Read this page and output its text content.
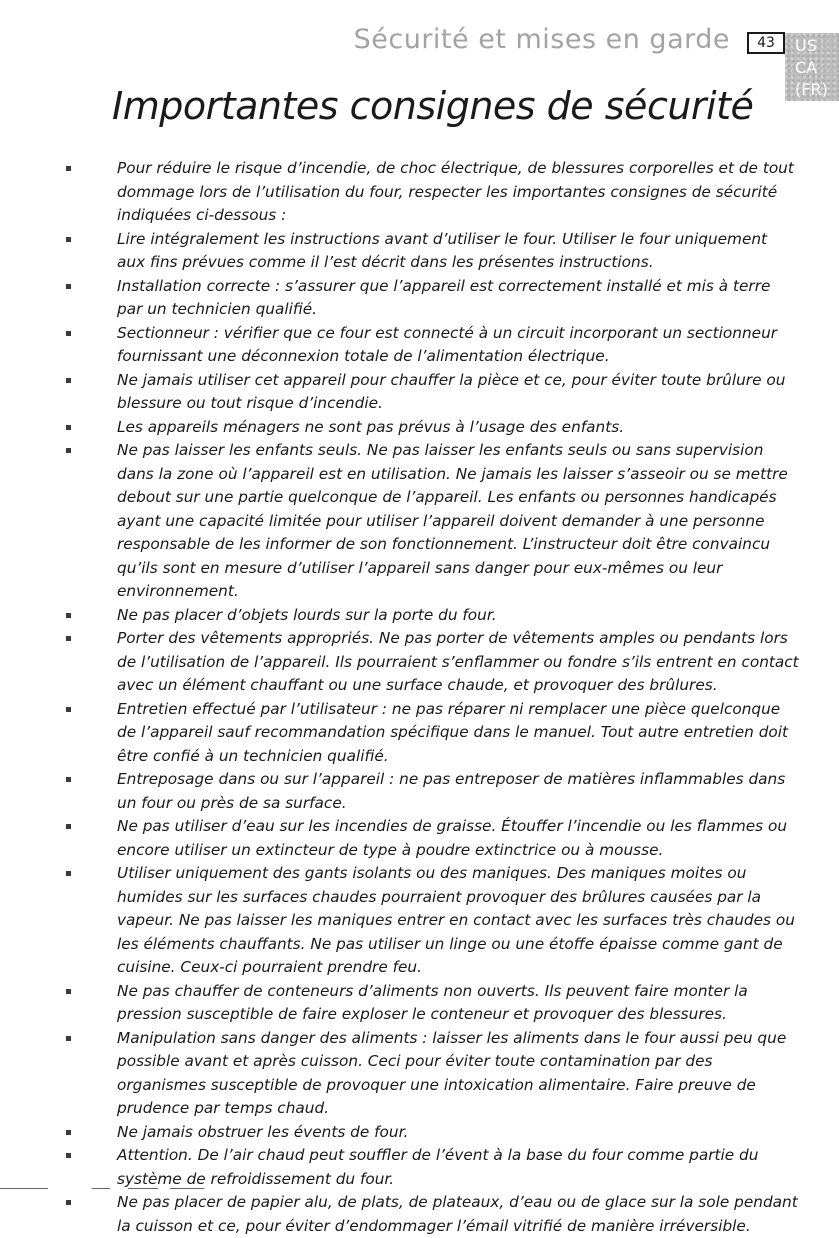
Sécurité et mises en garde	43	US
CA
(FR)
Importantes consignes de sécurité
Pour réduire le risque d’incendie, de choc électrique, de blessures corporelles et de tout dommage lors de l’utilisation du four, respecter les importantes consignes de sécurité indiquées ci-dessous :
Lire intégralement les instructions avant d’utiliser le four. Utiliser le four uniquement aux fins prévues comme il l’est décrit dans les présentes instructions.
Installation correcte : s’assurer que l’appareil est correctement installé et mis à terre par un technicien qualifié.
Sectionneur : vérifier que ce four est connecté à un circuit incorporant un sectionneur fournissant une déconnexion totale de l’alimentation électrique.
Ne jamais utiliser cet appareil pour chauffer la pièce et ce, pour éviter toute brûlure ou blessure ou tout risque d’incendie.
Les appareils ménagers ne sont pas prévus à l’usage des enfants.
Ne pas laisser les enfants seuls. Ne pas laisser les enfants seuls ou sans supervision dans la zone où l’appareil est en utilisation. Ne jamais les laisser s’asseoir ou se mettre debout sur une partie quelconque de l’appareil. Les enfants ou personnes handicapés ayant une capacité limitée pour utiliser l’appareil doivent demander à une personne responsable de les informer de son fonctionnement. L’instructeur doit être convaincu qu’ils sont en mesure d’utiliser l’appareil sans danger pour eux-mêmes ou leur environnement.
Ne pas placer d’objets lourds sur la porte du four.
Porter des vêtements appropriés. Ne pas porter de vêtements amples ou pendants lors de l’utilisation de l’appareil. Ils pourraient s’enflammer ou fondre s’ils entrent en contact avec un élément chauffant ou une surface chaude, et provoquer des brûlures.
Entretien effectué par l’utilisateur : ne pas réparer ni remplacer une pièce quelconque de l’appareil sauf recommandation spécifique dans le manuel. Tout autre entretien doit être confié à un technicien qualifié.
Entreposage dans ou sur l’appareil : ne pas entreposer de matières inflammables dans un four ou près de sa surface.
Ne pas utiliser d’eau sur les incendies de graisse. Étouffer l’incendie ou les flammes ou encore utiliser un extincteur de type à poudre extinctrice ou à mousse.
Utiliser uniquement des gants isolants ou des maniques. Des maniques moites ou humides sur les surfaces chaudes pourraient provoquer des brûlures causées par la vapeur. Ne pas laisser les maniques entrer en contact avec les surfaces très chaudes ou les éléments chauffants. Ne pas utiliser un linge ou une étoffe épaisse comme gant de cuisine. Ceux-ci pourraient prendre feu.
Ne pas chauffer de conteneurs d’aliments non ouverts. Ils peuvent faire monter la pression susceptible de faire exploser le conteneur et provoquer des blessures.
Manipulation sans danger des aliments : laisser les aliments dans le four aussi peu que possible avant et après cuisson. Ceci pour éviter toute contamination par des organismes susceptible de provoquer une intoxication alimentaire. Faire preuve de prudence par temps chaud.
Ne jamais obstruer les évents de four.
Attention. De l’air chaud peut souffler de l’évent à la base du four comme partie du système de refroidissement du four.
Ne pas placer de papier alu, de plats, de plateaux, d’eau ou de glace sur la sole pendant la cuisson et ce, pour éviter d’endommager l’émail vitrifié de manière irréversible.
